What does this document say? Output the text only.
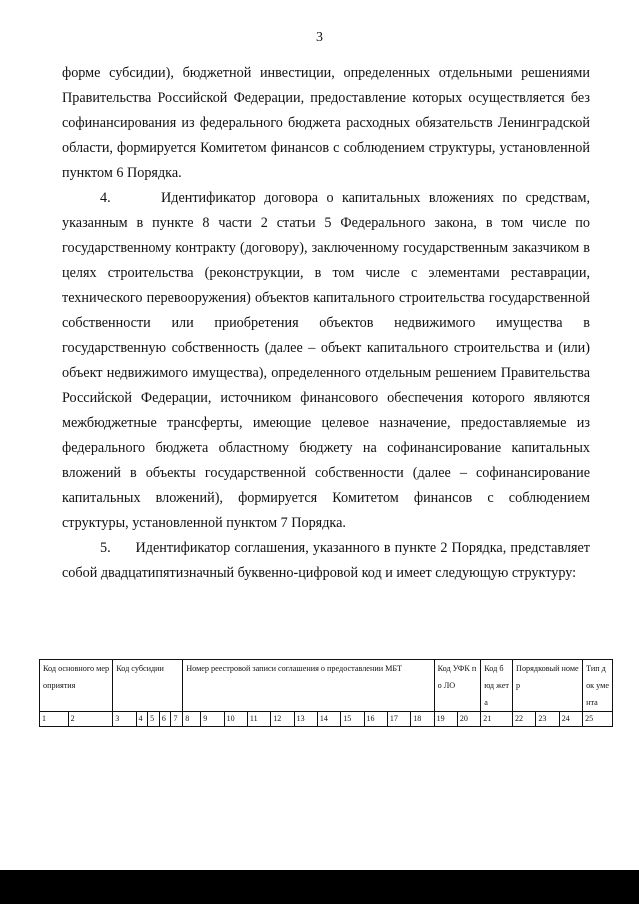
3

форме субсидии), бюджетной инвестиции, определенных отдельными решениями Правительства Российской Федерации, предоставление которых осуществляется без софинансирования из федерального бюджета расходных обязательств Ленинградской области, формируется Комитетом финансов с соблюдением структуры, установленной пунктом 6 Порядка.

4.      Идентификатор договора о капитальных вложениях по средствам, указанным в пункте 8 части 2 статьи 5 Федерального закона, в том числе по государственному контракту (договору), заключенному государственным заказчиком в целях строительства (реконструкции, в том числе с элементами реставрации, технического перевооружения) объектов капитального строительства государственной собственности или приобретения объектов недвижимого имущества в государственную собственность (далее – объект капитального строительства и (или) объект недвижимого имущества), определенного отдельным решением Правительства Российской Федерации, источником финансового обеспечения которого являются межбюджетные трансферты, имеющие целевое назначение, предоставляемые из федерального бюджета областному бюджету на софинансирование капитальных вложений в объекты государственной собственности (далее – софинансирование капитальных вложений), формируется Комитетом финансов с соблюдением структуры, установленной пунктом 7 Порядка.

5.      Идентификатор соглашения, указанного в пункте 2 Порядка, представляет собой двадцатипятизначный буквенно-цифровой код и имеет следующую структуру:

Код основного мероприятия		Код субсидии					Номер реестровой записи соглашения о предоставлении МБТ											Код УФК по ЛО		Код бюд жет а	Порядковый номер			Тип док уме нта
1	2	3	4	5	6	7	8	9	10	11	12	13	14	15	16	17	18	19	20	21	22	23	24	25
